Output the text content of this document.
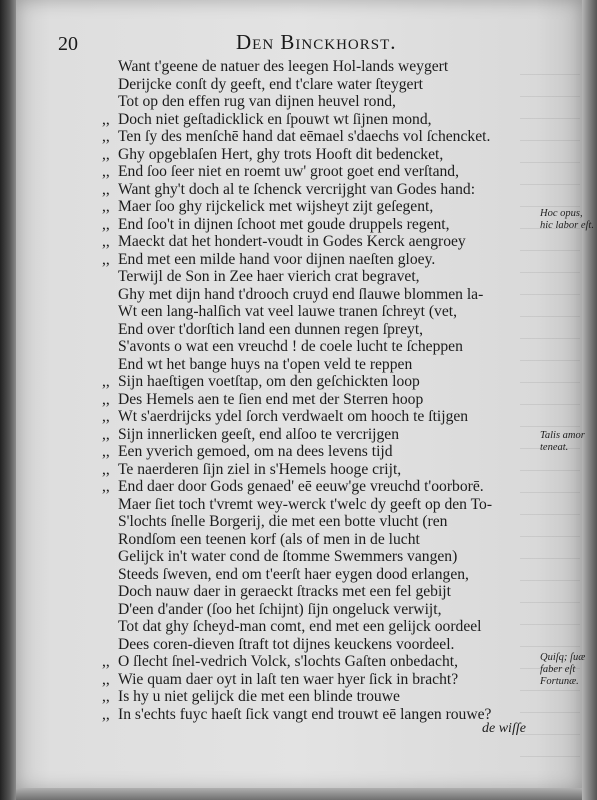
20	Den Binckhorst.
Want t'geene de natuer des leegen Hol-lands weygert
Derijcke conſt dy geeft, end t'clare water ſteygert
Tot op den effen rug van dijnen heuvel rond,
,, Doch niet geſtadicklick en ſpouwt wt ſijnen mond,
,, Ten ſy des menſchē hand dat eēmael s'daechs vol ſchencket.
,, Ghy opgeblaſen Hert, ghy trots Hooft dit bedencket,
,, End ſoo ſeer niet en roemt uw' groot goet end verſtand,
,, Want ghy't doch al te ſchenck vercrijght van Godes hand:
,, Maer ſoo ghy rijckelick met wijsheyt zijt geſegent,
,, End ſoo't in dijnen ſchoot met goude druppels regent,
,, Maeckt dat het hondert-voudt in Godes Kerck aengroey
,, End met een milde hand voor dijnen naeſten gloey.
Terwijl de Son in Zee haer vierich crat begravet,
Ghy met dijn hand t'drooch cruyd end ſlauwe blommen la-
Wt een lang-halſich vat veel lauwe tranen ſchreyt (vet,
End over t'dorſtich land een dunnen regen ſpreyt,
S'avonts o wat een vreuchd ! de coele lucht te ſcheppen
End wt het bange huys na t'open veld te reppen
,, Sijn haeſtigen voetſtap, om den geſchickten loop
,, Des Hemels aen te ſien end met der Sterren hoop
,, Wt s'aerdrijcks ydel ſorch verdwaelt om hooch te ſtijgen
,, Sijn innerlicken geeſt, end alſoo te vercrijgen
,, Een yverich gemoed, om na dees levens tijd
,, Te naerderen ſijn ziel in s'Hemels hooge crijt,
,, End daer door Gods genaed' eē eeuw'ge vreuchd t'oorborē.
Maer ſiet toch t'vremt wey-werck t'welc dy geeft op den To-
S'lochts ſnelle Borgerij, die met een botte vlucht (ren
Rondſom een teenen korf (als of men in de lucht
Gelijck in't water cond de ſtomme Swemmers vangen)
Steeds ſweven, end om t'eerſt haer eygen dood erlangen,
Doch nauw daer in geraeckt ſtracks met een fel gebijt
D'een d'ander (ſoo het ſchijnt) ſijn ongeluck verwijt,
Tot dat ghy ſcheyd-man comt, end met een gelijck oordeel
Dees coren-dieven ſtraft tot dijnes keuckens voordeel.
,, O ſlecht ſnel-vedrich Volck, s'lochts Gaſten onbedacht,
,, Wie quam daer oyt in laſt ten waer hyer ſick in bracht?
,, Is hy u niet gelijck die met een blinde trouwe
,, In s'echts fuyc haeſt ſick vangt end trouwt eē langen rouwe?
Hoc opus, hic labor eſt.
Talis amor teneat.
Quiſq; ſuæ faber eſt Fortunæ.
de wiſſe
